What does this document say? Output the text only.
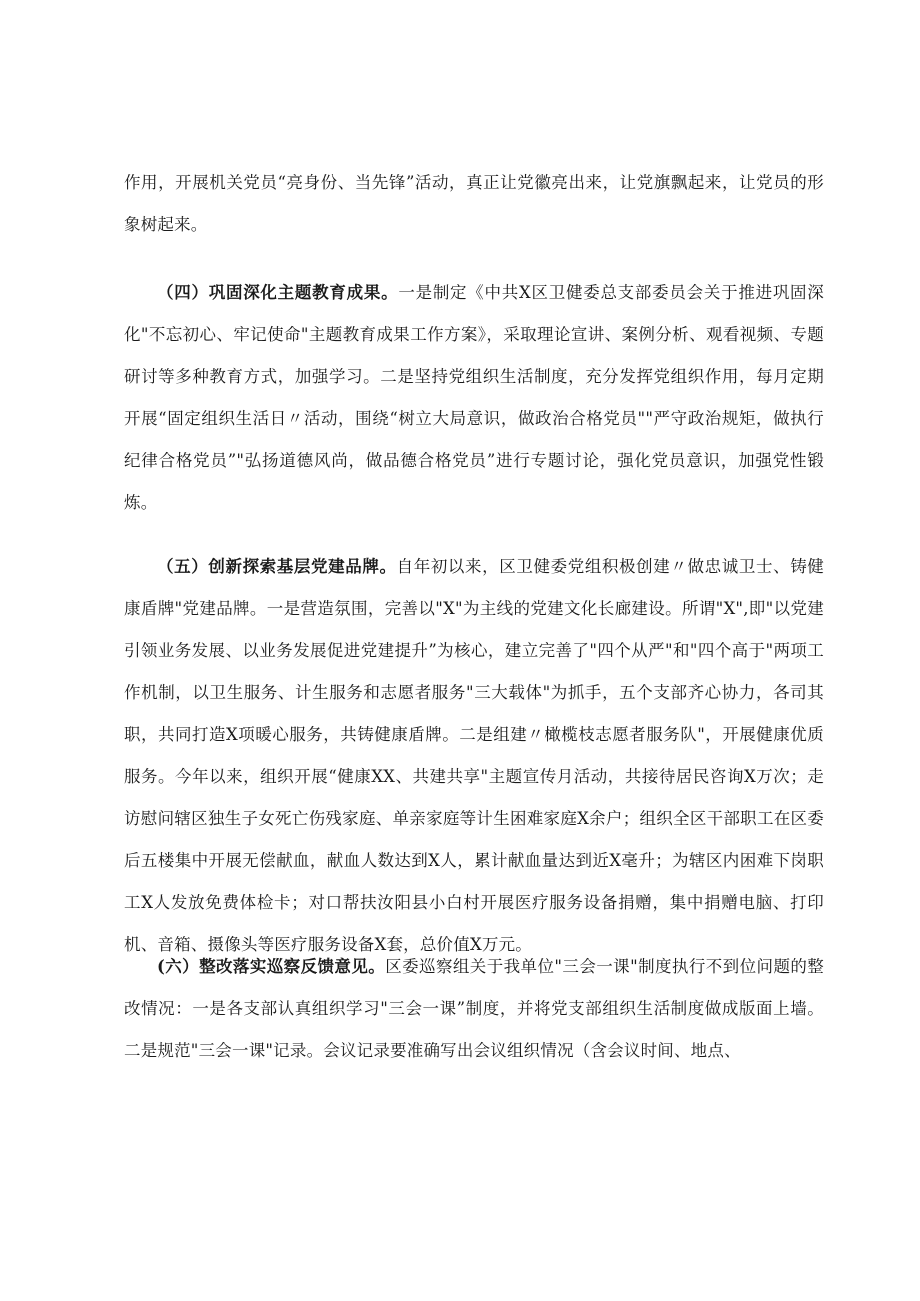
作用，开展机关党员“亮身份、当先锋”活动，真正让党徽亮出来，让党旗飘起来，让党员的形象树起来。

（四）巩固深化主题教育成果。一是制定《中共X区卫健委总支部委员会关于推进巩固深化"不忘初心、牢记使命"主题教育成果工作方案》，采取理论宣讲、案例分析、观看视频、专题研讨等多种教育方式，加强学习。二是坚持党组织生活制度，充分发挥党组织作用，每月定期开展“固定组织生活日〃活动，围绕“树立大局意识，做政治合格党员""严守政治规矩，做执行纪律合格党员”"弘扬道德风尚，做品德合格党员”进行专题讨论，强化党员意识，加强党性锻炼。

（五）创新探索基层党建品牌。自年初以来，区卫健委党组积极创建〃做忠诚卫士、铸健康盾牌"党建品牌。一是营造氛围，完善以"X"为主线的党建文化长廊建设。所谓"X",即"以党建引领业务发展、以业务发展促进党建提升”为核心，建立完善了"四个从严"和"四个高于"两项工作机制，以卫生服务、计生服务和志愿者服务"三大载体"为抓手，五个支部齐心协力，各司其职，共同打造X项暖心服务，共铸健康盾牌。二是组建〃橄榄枝志愿者服务队"，开展健康优质服务。今年以来，组织开展“健康XX、共建共享"主题宣传月活动，共接待居民咨询X万次；走访慰问辖区独生子女死亡伤残家庭、单亲家庭等计生困难家庭X余户；组织全区干部职工在区委后五楼集中开展无偿献血，献血人数达到X人，累计献血量达到近X毫升；为辖区内困难下岗职工X人发放免费体检卡；对口帮扶汝阳县小白村开展医疗服务设备捐赠，集中捐赠电脑、打印机、音箱、摄像头等医疗服务设备X套，总价值X万元。

(六）整改落实巡察反馈意见。区委巡察组关于我单位"三会一课"制度执行不到位问题的整改情况：一是各支部认真组织学习"三会一课”制度，并将党支部组织生活制度做成版面上墙。二是规范"三会一课"记录。会议记录要准确写出会议组织情况（含会议时间、地点、
